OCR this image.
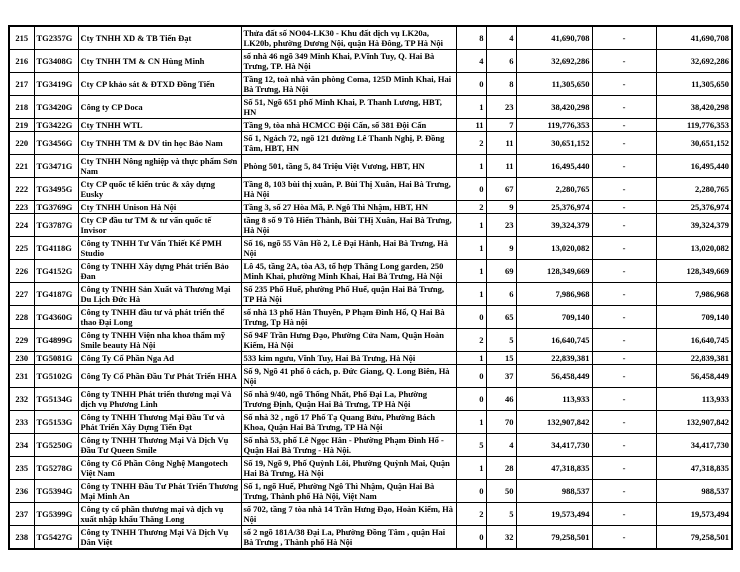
215	TG2357G	Cty TNHH XD & TB Tiến Đạt	Thửa đất số NO04-LK30 - Khu đất dịch vụ LK20a, LK20b, phường Dương Nội, quận Hà Đông, TP Hà Nội	8	4	41,690,708	-	41,690,708
216	TG3408G	Cty TNHH TM & CN Hùng Minh	số nhà 46 ngõ 349 Minh Khai, P.Vĩnh Tuy, Q. Hai Bà Trưng, TP. Hà Nội	4	6	32,692,286	-	32,692,286
217	TG3419G	Cty CP khảo sát & ĐTXD Đồng Tiến	Tầng 12, toà nhà văn phòng Coma, 125D Minh Khai, Hai Bà Trưng, Hà Nội	0	8	11,305,650	-	11,305,650
218	TG3420G	Công ty CP Doca	Số 51, Ngõ 651 phố Minh Khai, P. Thanh Lương, HBT, HN	1	23	38,420,298	-	38,420,298
219	TG3422G	Cty TNHH WTL	Tầng 9, tòa nhà HCMCC Đội Cấn, số 381 Đội Cấn	11	7	119,776,353	-	119,776,353
220	TG3456G	Cty TNHH TM & DV tin học Bảo Nam	Số 1, Ngách 72, ngõ 121 đường Lê Thanh Nghị, P. Đồng Tâm, HBT, HN	2	11	30,651,152	-	30,651,152
221	TG3471G	Cty TNHH Nông nghiệp và thực phẩm Sơn Nam	Phòng 501, tầng 5, 84 Triệu Việt Vương, HBT, HN	1	11	16,495,440	-	16,495,440
222	TG3495G	Cty CP quốc tế kiến trúc & xây dựng Eusky	Tầng 8, 103 bùi thị xuân, P. Bùi Thị Xuân, Hai Bà Trưng, Hà Nội	0	67	2,280,765	-	2,280,765
223	TG3769G	Cty TNHH Unison Hà Nội	Tầng 3, số 27 Hòa Mã, P. Ngô Thì Nhậm, HBT, HN	2	9	25,376,974	-	25,376,974
224	TG3787G	Cty CP đầu tư TM & tư vấn quốc tế Invisor	tầng 8 số 9 Tô Hiến Thành, Bùi THị Xuân, Hai Bà Trưng, Hà Nội	1	23	39,324,379	-	39,324,379
225	TG4118G	Công ty TNHH Tư Vấn Thiết Kế PMH Studio	Số 16, ngõ 55 Vân Hồ 2, Lê Đại Hành, Hai Bà Trưng, Hà Nội	1	9	13,020,082	-	13,020,082
226	TG4152G	Công ty TNHH Xây dựng Phát triển Bảo Đan	Lô 45, tầng 2A, tòa A3, tổ hợp Thăng Long garden, 250 Minh Khai, phường Minh Khai, Hai Bà Trưng, Hà Nội	1	69	128,349,669	-	128,349,669
227	TG4187G	Công ty TNHH Sản Xuất và Thương Mại Du Lịch Đức Hà	Số 235 Phố Huế, phường Phố Huế, quận Hai Bà Trưng, TP Hà Nội	1	6	7,986,968	-	7,986,968
228	TG4360G	Công ty TNHH đầu tư và phát triển thể thao Đại Long	số nhà 13 phố Hàn Thuyên, P Phạm Đình Hổ, Q Hai Bà Trưng, Tp Hà nội	0	65	709,140	-	709,140
229	TG4899G	Công ty TNHH Viện nha khoa thẩm mỹ Smile beauty Hà Nội	Số 94F Trần Hưng Đạo, Phường Cửa Nam, Quận Hoàn Kiếm, Hà Nội	2	5	16,640,745	-	16,640,745
230	TG5081G	Công Ty Cổ Phần Nga Ad	533 kim ngưu, Vĩnh Tuy, Hai Bà Trưng, Hà Nội	1	15	22,839,381	-	22,839,381
231	TG5102G	Công Ty Cổ Phần Đầu Tư Phát Triển HHA	Số 9, Ngõ 41 phố ô cách, p. Đức Giang, Q. Long Biên, Hà Nội	0	37	56,458,449	-	56,458,449
232	TG5134G	Công ty TNHH Phát triển thương mại Và dịch vụ Phương Linh	Số nhà 9/40, ngõ Thống Nhất, Phố Đại La, Phường Trương Định, Quận Hai Bà Trưng, TP Hà Nội	0	46	113,933	-	113,933
233	TG5153G	Công ty TNHH Thương Mại Đầu Tư và Phát Triển Xây Dựng Tiến Đạt	Số nhà 32 , ngõ 17 Phố Tạ Quang Bửu, Phường Bách Khoa, Quận Hai Bà Trưng, TP Hà Nội	1	70	132,907,842	-	132,907,842
234	TG5250G	Công ty TNHH Thương Mại Và Dịch Vụ Đầu Tư Queen Smile	Số nhà 53, phố Lê Ngọc Hân - Phường Phạm Đình Hổ - Quận Hai Bà Trưng - Hà Nội.	5	4	34,417,730	-	34,417,730
235	TG5278G	Công ty Cổ Phần Công Nghệ Mangotech Việt Nam	Số 19, Ngõ 9, Phố Quỳnh Lôi, Phường Quỳnh Mai, Quận Hai Bà Trưng, Hà Nội	1	28	47,318,835	-	47,318,835
236	TG5394G	Công ty TNHH Đầu Tư Phát Triển Thương Mại Minh An	Số 1, ngõ Huế, Phường Ngô Thì Nhậm, Quận Hai Bà Trưng, Thành phố Hà Nội, Việt Nam	0	50	988,537	-	988,537
237	TG5399G	Công ty cổ phần thương mại và dịch vụ xuất nhập khẩu Thăng Long	số 702, tầng 7 tòa nhà 14 Trần Hưng Đạo, Hoàn Kiếm, Hà Nội	2	5	19,573,494	-	19,573,494
238	TG5427G	Công ty TNHH Thương Mại Và Dịch Vụ Dân Việt	số 2 ngõ 181A/38 Đại La, Phường Đồng Tâm , quận Hai Bà Trưng , Thành phố Hà Nội	0	32	79,258,501	-	79,258,501
